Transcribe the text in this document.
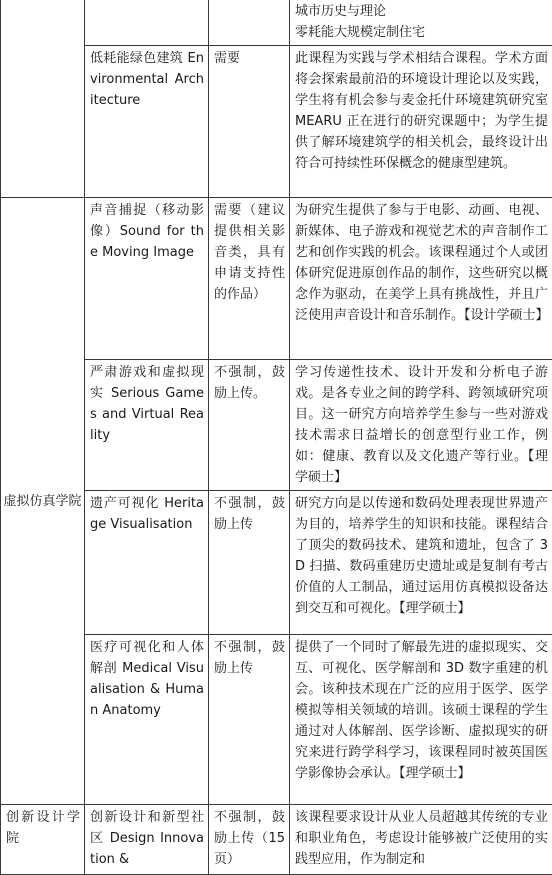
			城市历史与理论
零耗能大规模定制住宅
	低耗能绿色建筑 Environmental Architecture	需要	此课程为实践与学术相结合课程。学术方面将会探索最前沿的环境设计理论以及实践，学生将有机会参与麦金托什环境建筑研究室 MEARU 正在进行的研究课题中；为学生提供了解环境建筑学的相关机会，最终设计出符合可持续性环保概念的健康型建筑。
虚拟仿真学院	声音捕捉（移动影像）Sound for the Moving Image	需要（建议提供相关影音类，具有申请支持性的作品）	为研究生提供了参与于电影、动画、电视、新媒体、电子游戏和视觉艺术的声音制作工艺和创作实践的机会。该课程通过个人或团体研究促进原创作品的制作，这些研究以概念作为驱动，在美学上具有挑战性，并且广泛使用声音设计和音乐制作。【设计学硕士】
	严肃游戏和虚拟现实 Serious Games and Virtual Reality	不强制，鼓励上传。	学习传递性技术、设计开发和分析电子游戏。是各专业之间的跨学科、跨领域研究项目。这一研究方向培养学生参与一些对游戏技术需求日益增长的创意型行业工作，例如：健康、教育以及文化遗产等行业。【理学硕士】
	遗产可视化 Heritage Visualisation	不强制，鼓励上传	研究方向是以传递和数码处理表现世界遗产为目的，培养学生的知识和技能。课程结合了顶尖的数码技术、建筑和遗址，包含了 3D 扫描、数码重建历史遗址或是复制有考古价值的人工制品，通过运用仿真模拟设备达到交互和可视化。【理学硕士】
	医疗可视化和人体解剖 Medical Visualisation & Human Anatomy	不强制，鼓励上传	提供了一个同时了解最先进的虚拟现实、交互、可视化、医学解剖和 3D 数字重建的机会。该种技术现在广泛的应用于医学、医学模拟等相关领域的培训。该硕士课程的学生通过对人体解剖、医学诊断、虚拟现实的研究来进行跨学科学习，该课程同时被英国医学影像协会承认。【理学硕士】
创新设计学院	创新设计和新型社区 Design Innovation &	不强制，鼓励上传（15 页）	该课程要求设计从业人员超越其传统的专业和职业角色，考虑设计能够被广泛使用的实践型应用，作为制定和
